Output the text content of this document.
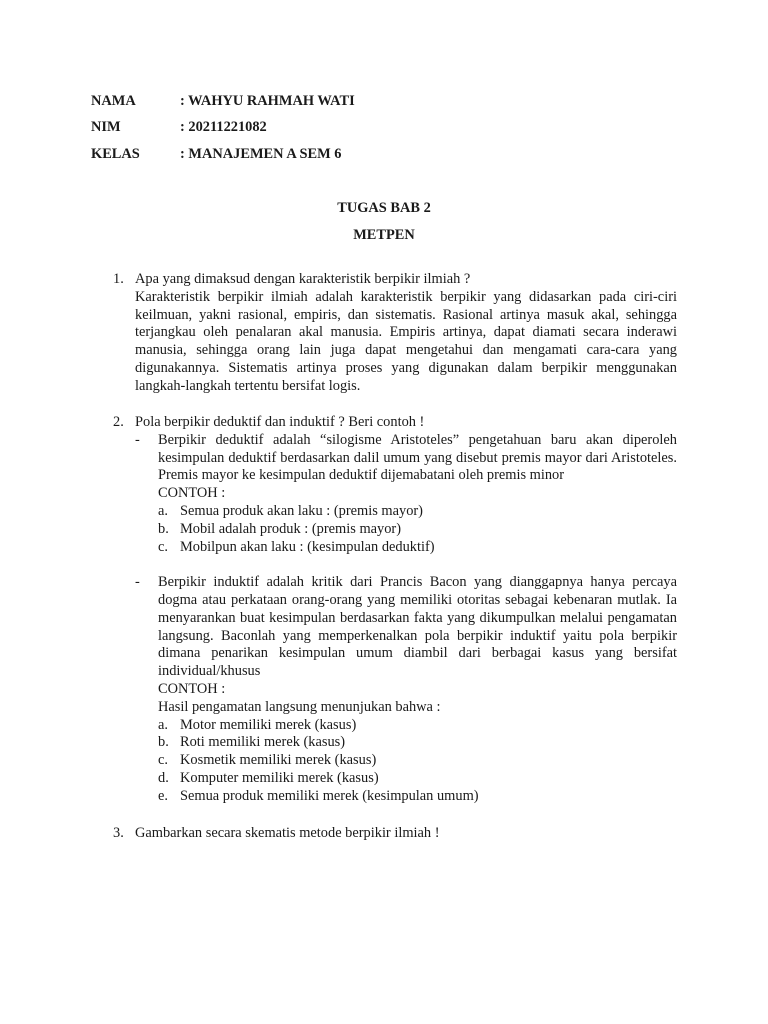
NAMA	: WAHYU RAHMAH WATI
NIM	: 20211221082
KELAS	: MANAJEMEN A SEM 6
TUGAS BAB 2
METPEN
1. Apa yang dimaksud dengan karakteristik berpikir ilmiah ?
Karakteristik berpikir ilmiah adalah karakteristik berpikir yang didasarkan pada ciri-ciri keilmuan, yakni rasional, empiris, dan sistematis. Rasional artinya masuk akal, sehingga terjangkau oleh penalaran akal manusia. Empiris artinya, dapat diamati secara inderawi manusia, sehingga orang lain juga dapat mengetahui dan mengamati cara-cara yang digunakannya. Sistematis artinya proses yang digunakan dalam berpikir menggunakan langkah-langkah tertentu bersifat logis.
2. Pola berpikir deduktif dan induktif ? Beri contoh !
- Berpikir deduktif adalah “silogisme Aristoteles” pengetahuan baru akan diperoleh kesimpulan deduktif berdasarkan dalil umum yang disebut premis mayor dari Aristoteles. Premis mayor ke kesimpulan deduktif dijemabatani oleh premis minor
CONTOH :
a. Semua produk akan laku : (premis mayor)
b. Mobil adalah produk : (premis mayor)
c. Mobilpun akan laku : (kesimpulan deduktif)
- Berpikir induktif adalah kritik dari Prancis Bacon yang dianggapnya hanya percaya dogma atau perkataan orang-orang yang memiliki otoritas sebagai kebenaran mutlak. Ia menyarankan buat kesimpulan berdasarkan fakta yang dikumpulkan melalui pengamatan langsung. Baconlah yang memperkenalkan pola berpikir induktif yaitu pola berpikir dimana penarikan kesimpulan umum diambil dari berbagai kasus yang bersifat individual/khusus
CONTOH :
Hasil pengamatan langsung menunjukan bahwa :
a. Motor memiliki merek (kasus)
b. Roti memiliki merek (kasus)
c. Kosmetik memiliki merek (kasus)
d. Komputer memiliki merek (kasus)
e. Semua produk memiliki merek (kesimpulan umum)
3. Gambarkan secara skematis metode berpikir ilmiah !
